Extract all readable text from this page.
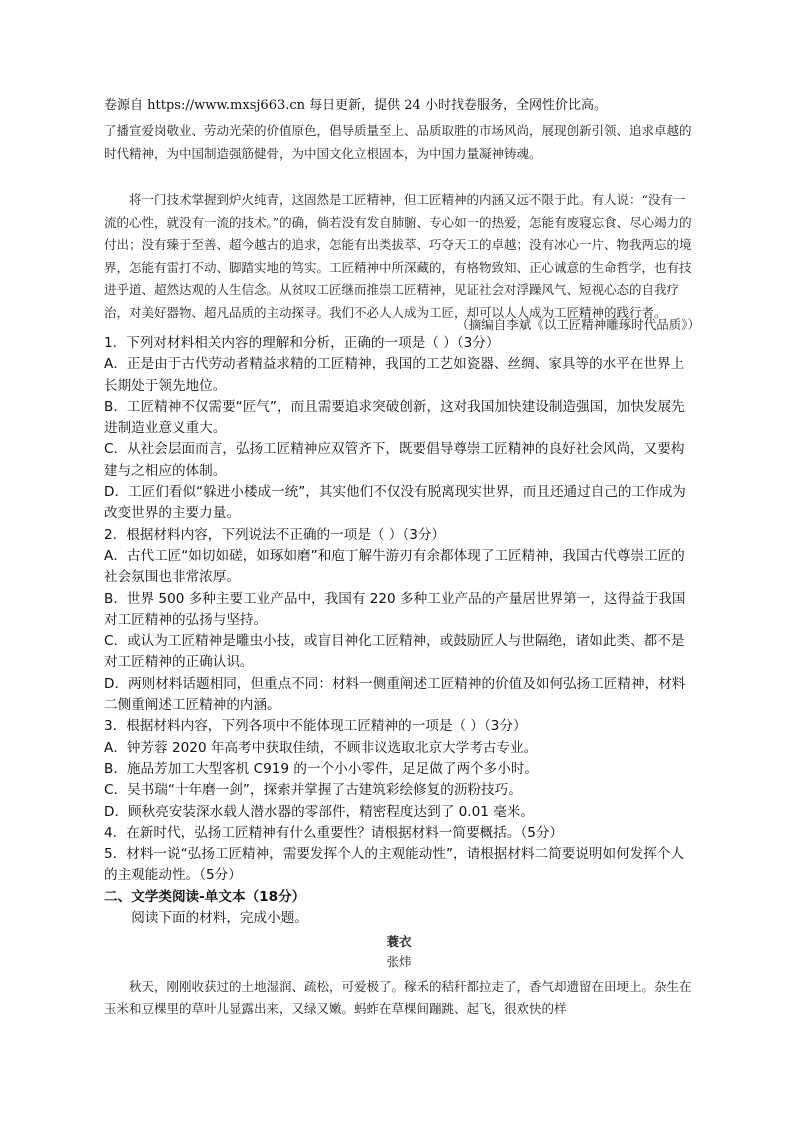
卷源自 https://www.mxsj663.cn 每日更新，提供 24 小时找卷服务，全网性价比高。
了播宣爱岗敬业、劳动光荣的价值原色，倡导质量至上、品质取胜的市场风尚，展现创新引领、追求卓越的时代精神，为中国制造强筋健骨，为中国文化立根固本，为中国力量凝神铸魂。
将一门技术掌握到炉火纯青，这固然是工匠精神，但工匠精神的内涵又远不限于此。有人说：“没有一流的心性，就没有一流的技术。”的确，倘若没有发自肺腑、专心如一的热爱，怎能有废寝忘食、尽心竭力的付出；没有臻于至善、超今越古的追求，怎能有出类拔萃、巧夺天工的卓越；没有冰心一片、物我两忘的境界，怎能有雷打不动、脚踏实地的笃实。工匠精神中所深藏的，有格物致知、正心诚意的生命哲学，也有技进乎道、超然达观的人生信念。从贫叹工匠继而推崇工匠精神，见证社会对浮躁风气、短视心态的自我疗治，对美好器物、超凡品质的主动探寻。我们不必人人成为工匠，却可以人人成为工匠精神的践行者。
（摘编自李斌《以工匠精神雕琢时代品质》）

1．下列对材料相关内容的理解和分析，正确的一项是（ ）（3分）

A．正是由于古代劳动者精益求精的工匠精神，我国的工艺如瓷器、丝绸、家具等的水平在世界上长期处于领先地位。

B．工匠精神不仅需要“匠气”，而且需要追求突破创新，这对我国加快建设制造强国，加快发展先进制造业意义重大。

C．从社会层面而言，弘扬工匠精神应双管齐下，既要倡导尊崇工匠精神的良好社会风尚，又要构建与之相应的体制。

D．工匠们看似“躲进小楼成一统”，其实他们不仅没有脱离现实世界，而且还通过自己的工作成为改变世界的主要力量。

2．根据材料内容，下列说法不正确的一项是（ ）（3分）

A．古代工匠“如切如磋，如琢如磨”和庖丁解牛游刃有余都体现了工匠精神，我国古代尊崇工匠的社会氛围也非常浓厚。

B．世界 500 多种主要工业产品中，我国有 220 多种工业产品的产量居世界第一，这得益于我国对工匠精神的弘扬与坚持。

C．或认为工匠精神是雕虫小技，或盲目神化工匠精神，或鼓励匠人与世隔绝，诸如此类、都不是对工匠精神的正确认识。

D．两则材料话题相同，但重点不同：材料一侧重阐述工匠精神的价值及如何弘扬工匠精神，材料二侧重阐述工匠精神的内涵。

3．根据材料内容，下列各项中不能体现工匠精神的一项是（ ）（3分）

A．钟芳蓉 2020 年高考中获取佳绩，不顾非议选取北京大学考古专业。

B．施品芳加工大型客机 C919 的一个小小零件，足足做了两个多小时。

C．吴书瑞“十年磨一剑”，探索并掌握了古建筑彩绘修复的沥粉技巧。

D．顾秋亮安装深水载人潜水器的零部件，精密程度达到了 0.01 毫米。

4．在新时代，弘扬工匠精神有什么重要性？请根据材料一简要概括。（5分）

5．材料一说“弘扬工匠精神，需要发挥个人的主观能动性”，请根据材料二简要说明如何发挥个人的主观能动性。（5分）

二、文学类阅读-单文本（18分）

阅读下面的材料，完成小题。

蓑衣
张炜
秋天，刚刚收获过的土地湿润、疏松，可爱极了。稼禾的秸秆都拉走了，香气却遗留在田埂上。杂生在玉米和豆棵里的草叶儿显露出来，又绿又嫩。蚂蚱在草棵间蹦跳、起飞，很欢快的样
